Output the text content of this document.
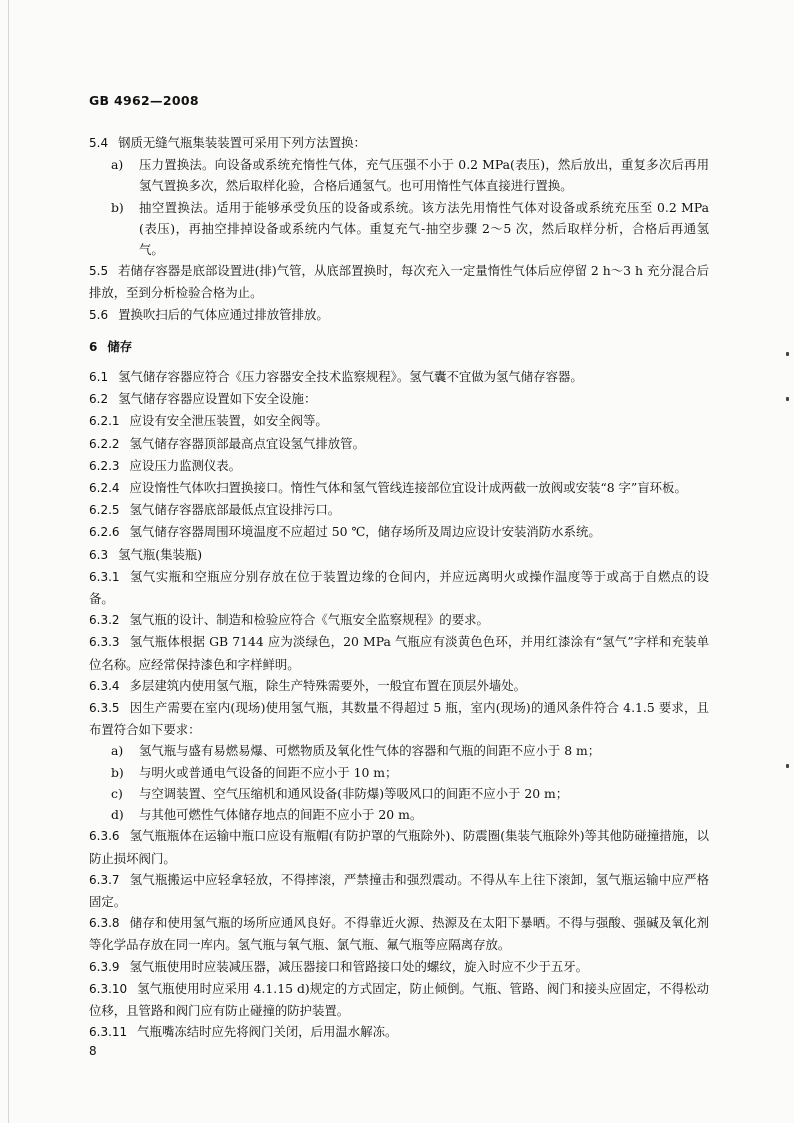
GB 4962—2008

5.4 钢质无缝气瓶集装装置可采用下列方法置换：

a)	压力置换法。向设备或系统充惰性气体，充气压强不小于 0.2 MPa(表压)，然后放出，重复多次后再用氢气置换多次，然后取样化验，合格后通氢气。也可用惰性气体直接进行置换。
b)	抽空置换法。适用于能够承受负压的设备或系统。该方法先用惰性气体对设备或系统充压至 0.2 MPa (表压)，再抽空排掉设备或系统内气体。重复充气-抽空步骤 2～5 次，然后取样分析，合格后再通氢气。

5.5 若储存容器是底部设置进(排)气管，从底部置换时，每次充入一定量惰性气体后应停留 2 h～3 h 充分混合后排放，至到分析检验合格为止。

5.6 置换吹扫后的气体应通过排放管排放。

6 储存

6.1 氢气储存容器应符合《压力容器安全技术监察规程》。氢气囊不宜做为氢气储存容器。

6.2 氢气储存容器应设置如下安全设施：

6.2.1 应设有安全泄压装置，如安全阀等。

6.2.2 氢气储存容器顶部最高点宜设氢气排放管。

6.2.3 应设压力监测仪表。

6.2.4 应设惰性气体吹扫置换接口。惰性气体和氢气管线连接部位宜设计成两截一放阀或安装“8 字”盲环板。

6.2.5 氢气储存容器底部最低点宜设排污口。

6.2.6 氢气储存容器周围环境温度不应超过 50 ℃，储存场所及周边应设计安装消防水系统。

6.3 氢气瓶(集装瓶)

6.3.1 氢气实瓶和空瓶应分别存放在位于装置边缘的仓间内，并应远离明火或操作温度等于或高于自燃点的设备。

6.3.2 氢气瓶的设计、制造和检验应符合《气瓶安全监察规程》的要求。

6.3.3 氢气瓶体根据 GB 7144 应为淡绿色，20 MPa 气瓶应有淡黄色色环，并用红漆涂有“氢气”字样和充装单位名称。应经常保持漆色和字样鲜明。

6.3.4 多层建筑内使用氢气瓶，除生产特殊需要外，一般宜布置在顶层外墙处。

6.3.5 因生产需要在室内(现场)使用氢气瓶，其数量不得超过 5 瓶，室内(现场)的通风条件符合 4.1.5 要求，且布置符合如下要求：

a)	氢气瓶与盛有易燃易爆、可燃物质及氧化性气体的容器和气瓶的间距不应小于 8 m；
b)	与明火或普通电气设备的间距不应小于 10 m；
c)	与空调装置、空气压缩机和通风设备(非防爆)等吸风口的间距不应小于 20 m；
d)	与其他可燃性气体储存地点的间距不应小于 20 m。

6.3.6 氢气瓶瓶体在运输中瓶口应设有瓶帽(有防护罩的气瓶除外)、防震圈(集装气瓶除外)等其他防碰撞措施，以防止损坏阀门。

6.3.7 氢气瓶搬运中应轻拿轻放，不得摔滚，严禁撞击和强烈震动。不得从车上往下滚卸，氢气瓶运输中应严格固定。

6.3.8 储存和使用氢气瓶的场所应通风良好。不得靠近火源、热源及在太阳下暴晒。不得与强酸、强碱及氧化剂等化学品存放在同一库内。氢气瓶与氧气瓶、氯气瓶、氟气瓶等应隔离存放。

6.3.9 氢气瓶使用时应装减压器，减压器接口和管路接口处的螺纹，旋入时应不少于五牙。

6.3.10 氢气瓶使用时应采用 4.1.15 d)规定的方式固定，防止倾倒。气瓶、管路、阀门和接头应固定，不得松动位移，且管路和阀门应有防止碰撞的防护装置。

6.3.11 气瓶嘴冻结时应先将阀门关闭，后用温水解冻。

8
